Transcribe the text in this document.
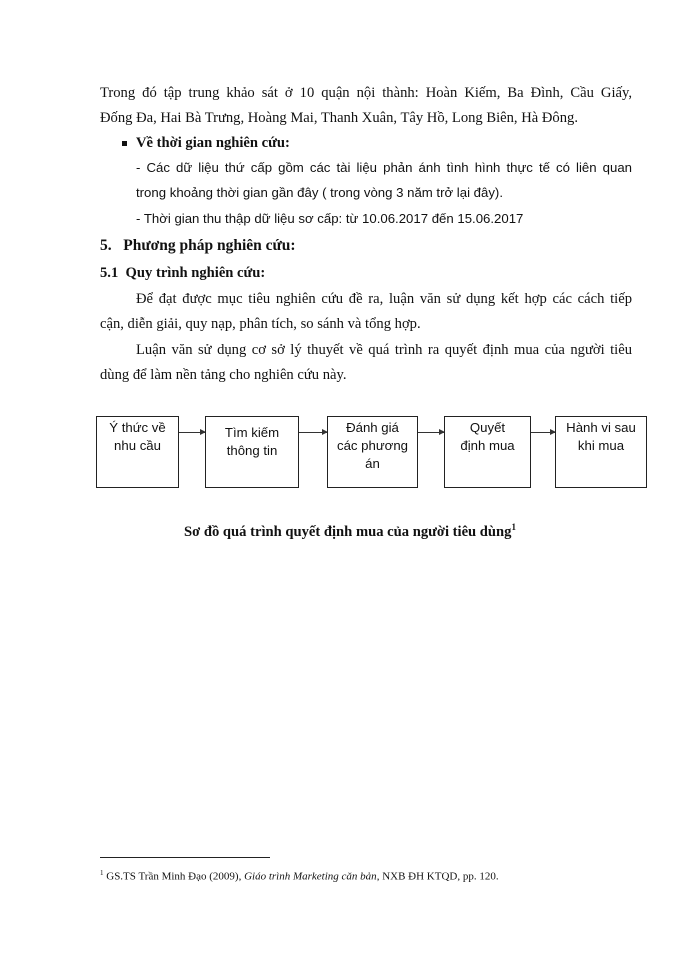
Trong đó tập trung khảo sát ở 10 quận nội thành: Hoàn Kiếm, Ba Đình, Cầu Giấy,
Đống Đa, Hai Bà Trưng, Hoàng Mai, Thanh Xuân, Tây Hồ, Long Biên, Hà Đông.
Về thời gian nghiên cứu:
- Các dữ liệu thứ cấp gồm các tài liệu phản ánh tình hình thực tế có liên quan
trong khoảng thời gian gần đây ( trong vòng 3 năm trở lại đây).
- Thời gian thu thập dữ liệu sơ cấp: từ 10.06.2017 đến 15.06.2017
5. Phương pháp nghiên cứu:
5.1 Quy trình nghiên cứu:
Để đạt được mục tiêu nghiên cứu đề ra, luận văn sử dụng kết hợp các cách tiếp
cận, diễn giải, quy nạp, phân tích, so sánh và tổng hợp.
Luận văn sử dụng cơ sở lý thuyết về quá trình ra quyết định mua của người tiêu
dùng để làm nền tảng cho nghiên cứu này.
Ý thức về
nhu cầu
Tìm kiếm
thông tin
Đánh giá
các phương
án
Quyết
định mua
Hành vi sau
khi mua
Sơ đồ quá trình quyết định mua của người tiêu dùng$^1$
$^1$ GS.TS Trần Minh Đạo (2009), Giáo trình Marketing căn bản, NXB ĐH KTQD, pp. 120.
